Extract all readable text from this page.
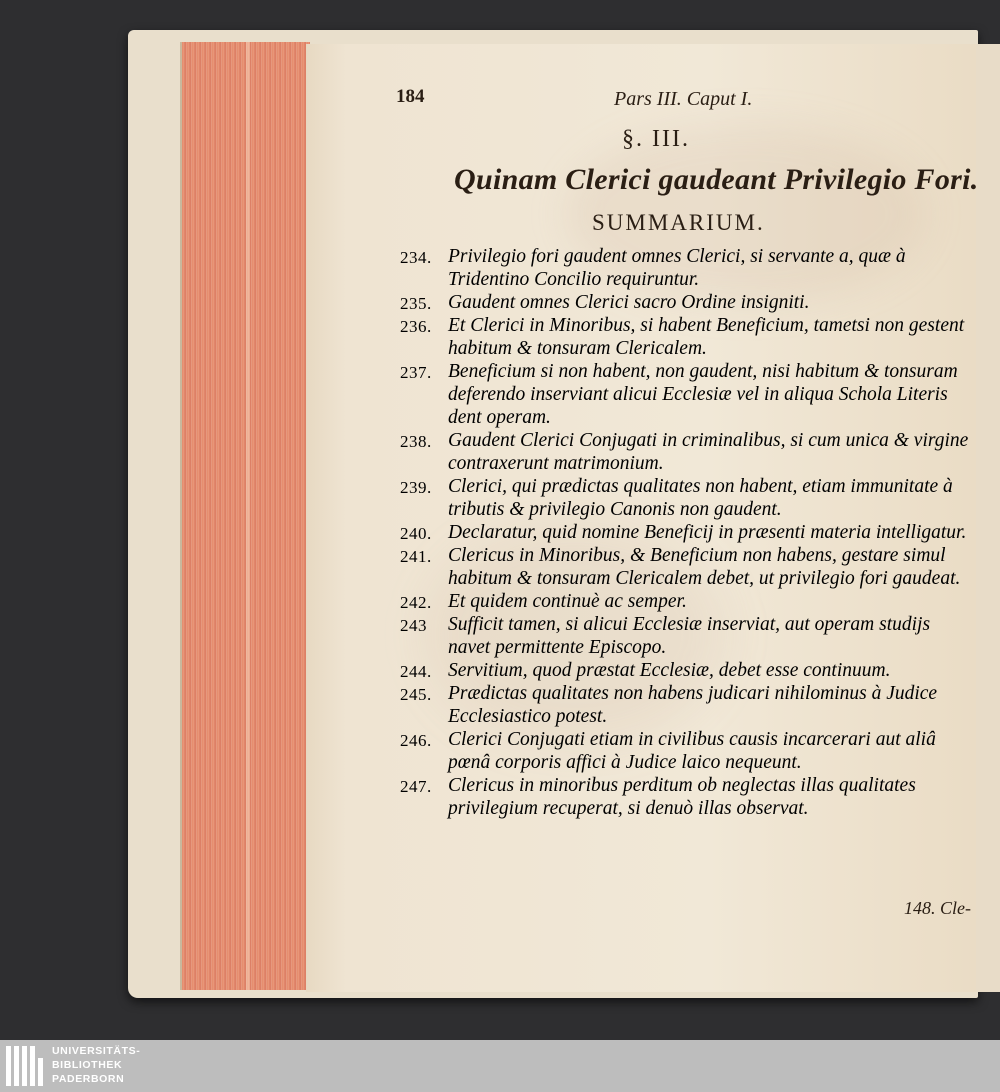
184	Pars III. Caput I.
§. III.
Quinam Clerici gaudeant Privilegio Fori.
SUMMARIUM.
234. Privilegio fori gaudent omnes Clerici, si servante a, quæ à Tridentino Concilio requiruntur.
235. Gaudent omnes Clerici sacro Ordine insigniti.
236. Et Clerici in Minoribus, si habent Beneficium, tametsi non gestent habitum & tonsuram Clericalem.
237. Beneficium si non habent, non gaudent, nisi habitum & tonsuram deferendo inserviant alicui Ecclesiæ vel in aliqua Schola Literis dent operam.
238. Gaudent Clerici Conjugati in criminalibus, si cum unica & virgine contraxerunt matrimonium.
239. Clerici, qui prædictas qualitates non habent, etiam immunitate à tributis & privilegio Canonis non gaudent.
240. Declaratur, quid nomine Beneficij in præsenti materia intelligatur.
241. Clericus in Minoribus, & Beneficium non habens, gestare simul habitum & tonsuram Clericalem debet, ut privilegio fori gaudeat.
242. Et quidem continuè ac semper.
243 Sufficit tamen, si alicui Ecclesiæ inserviat, aut operam studijs navet permittente Episcopo.
244. Servitium, quod præstat Ecclesiæ, debet esse continuum.
245. Prædictas qualitates non habens judicari nihilominus à Judice Ecclesiastico potest.
246. Clerici Conjugati etiam in civilibus causis incarcerari aut aliâ pœnâ corporis affici à Judice laico nequeunt.
247. Clericus in minoribus perditum ob neglectas illas qualitates privilegium recuperat, si denuò illas observat.
148. Cle-
UNIVERSITÄTS-
BIBLIOTHEK
PADERBORN
